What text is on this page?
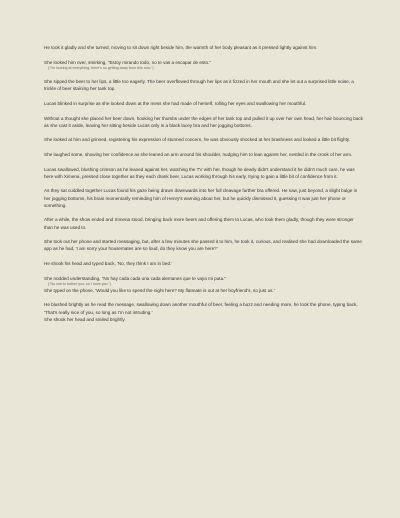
He took it gladly and she turned, moving to sit down right beside him, the warmth of her body pleasant as it pressed lightly against him.

She looked him over, smirking, "Estoy mirando todo, no te vas a escapar de esto."
("I'm looking at everything, there's no getting away from this now.")

She sipped the beer to her lips, a little too eagerly. The beer overflowed through her lips as it fizzed in her mouth and she let out a surprised little noise, a trickle of beer staining her tank top.

Lucas blinked in surprise as she looked down at the mess she had made of herself, rolling her eyes and swallowing her mouthful.

Without a thought she placed her beer down, hooking her thumbs under the edges of her tank top and pulled it up over her own head, her hair bouncing back as she cast it aside, leaving her sitting beside Lucas only in a black lacey bra and her jogging bottoms.

She looked at him and grinned, registering his expression of stunned concern, he was obviously shocked at her brashness and looked a little bit flighty.

She laughed some, showing her confidence as she leaned an arm around his shoulder, nudging him to lean against her, nestled in the crook of her arm.

Lucas swallowed, blushing crimson as he leaned against her, watching the TV with her, though he dearly didn't understand it he didn't much care, he was here with Ximena, pressed close together as they each drank beer, Lucas working through his early, trying to gain a little bit of confidence from it.

As they sat cuddled together Lucas found his gaze being drawn downwards into her full cleavage further bra offered. He saw, just beyond, a slight bulge in her jogging bottoms, his brain momentarily reminding him of Henry's warning about her, but he quickly dismissed it, guessing it was just her phone or something.

After a while, the show ended and Ximena stood, bringing back more beers and offering them to Lucas, who took them gladly, though they were stronger than he was used to.

She took out her phone and started messaging, but, after a few minutes she passed it to him, he took it, curious, and realised she had downloaded the same app as he had, 'I am sorry your housemates are so loud, do they know you are here?'

He shook his head and typed back, 'No, they think I am in bed.'

She nodded understanding, "No hay cada cada una cada alemanes que te vaya mi puta."
("No one to bother you, so I have you.")
She typed on the phone, 'Would you like to spend the night here? My flatmate is out at her boyfriend's, so just us.'

He blushed brightly as he read the message, swallowing down another mouthful of beer, feeling a buzz and needing more, he took the phone, typing back, 'That's really nice of you, so long as I'm not intruding.'
She shook her head and smiled brightly.
